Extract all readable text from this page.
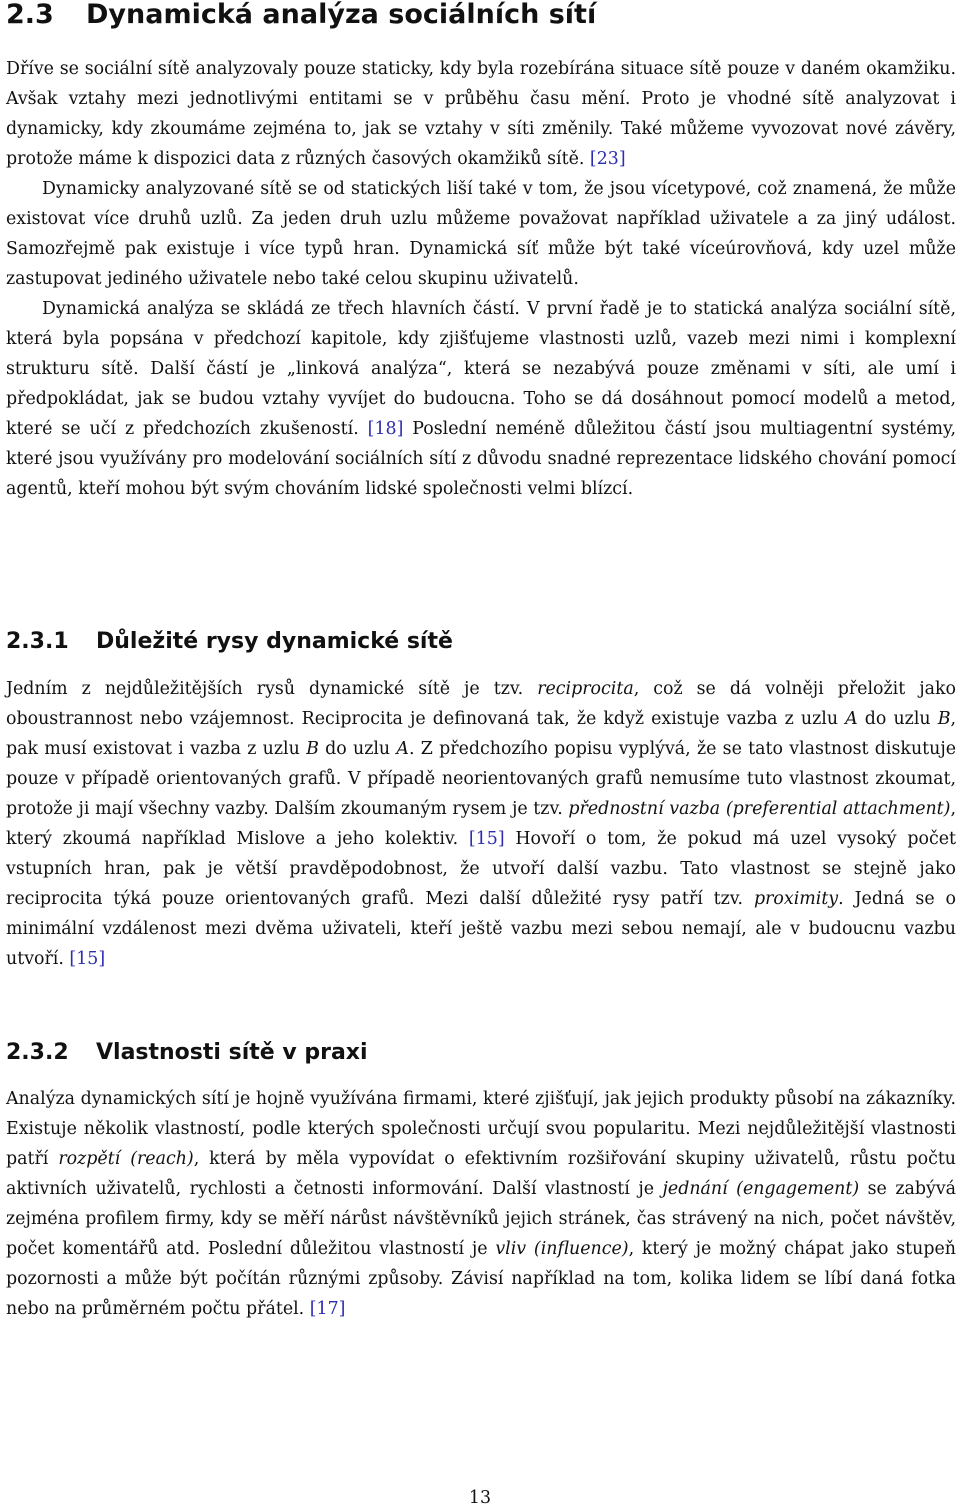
2.3 Dynamická analýza sociálních sítí

Dříve se sociální sítě analyzovaly pouze staticky, kdy byla rozebírána situace sítě pouze v daném okamžiku. Avšak vztahy mezi jednotlivými entitami se v průběhu času mění. Proto je vhodné sítě analyzovat i dynamicky, kdy zkoumáme zejména to, jak se vztahy v síti změnily. Také můžeme vyvozovat nové závěry, protože máme k dispozici data z různých časových okamžiků sítě. [23]

Dynamicky analyzované sítě se od statických liší také v tom, že jsou vícetypové, což znamená, že může existovat více druhů uzlů. Za jeden druh uzlu můžeme považovat například uživatele a za jiný událost. Samozřejmě pak existuje i více typů hran. Dynamická síť může být také víceúrovňová, kdy uzel může zastupovat jediného uživatele nebo také celou skupinu uživatelů.

Dynamická analýza se skládá ze třech hlavních částí. V první řadě je to statická analýza sociální sítě, která byla popsána v předchozí kapitole, kdy zjišťujeme vlastnosti uzlů, vazeb mezi nimi i komplexní strukturu sítě. Další částí je „linková analýza“, která se nezabývá pouze změnami v síti, ale umí i předpokládat, jak se budou vztahy vyvíjet do budoucna. Toho se dá dosáhnout pomocí modelů a metod, které se učí z předchozích zkušeností. [18] Poslední neméně důležitou částí jsou multiagentní systémy, které jsou využívány pro modelování sociálních sítí z důvodu snadné reprezentace lidského chování pomocí agentů, kteří mohou být svým chováním lidské společnosti velmi blízcí.

2.3.1 Důležité rysy dynamické sítě

Jedním z nejdůležitějších rysů dynamické sítě je tzv. reciprocita, což se dá volněji přeložit jako oboustrannost nebo vzájemnost. Reciprocita je definovaná tak, že když existuje vazba z uzlu A do uzlu B, pak musí existovat i vazba z uzlu B do uzlu A. Z předchozího popisu vyplývá, že se tato vlastnost diskutuje pouze v případě orientovaných grafů. V případě neorientovaných grafů nemusíme tuto vlastnost zkoumat, protože ji mají všechny vazby. Dalším zkoumaným rysem je tzv. přednostní vazba (preferential attachment), který zkoumá například Mislove a jeho kolektiv. [15] Hovoří o tom, že pokud má uzel vysoký počet vstupních hran, pak je větší pravděpodobnost, že utvoří další vazbu. Tato vlastnost se stejně jako reciprocita týká pouze orientovaných grafů. Mezi další důležité rysy patří tzv. proximity. Jedná se o minimální vzdálenost mezi dvěma uživateli, kteří ještě vazbu mezi sebou nemají, ale v budoucnu vazbu utvoří. [15]

2.3.2 Vlastnosti sítě v praxi

Analýza dynamických sítí je hojně využívána firmami, které zjišťují, jak jejich produkty působí na zákazníky. Existuje několik vlastností, podle kterých společnosti určují svou popularitu. Mezi nejdůležitější vlastnosti patří rozpětí (reach), která by měla vypovídat o efektivním rozšiřování skupiny uživatelů, růstu počtu aktivních uživatelů, rychlosti a četnosti informování. Další vlastností je jednání (engagement) se zabývá zejména profilem firmy, kdy se měří nárůst návštěvníků jejich stránek, čas strávený na nich, počet návštěv, počet komentářů atd. Poslední důležitou vlastností je vliv (influence), který je možný chápat jako stupeň pozornosti a může být počítán různými způsoby. Závisí například na tom, kolika lidem se líbí daná fotka nebo na průměrném počtu přátel. [17]

13
